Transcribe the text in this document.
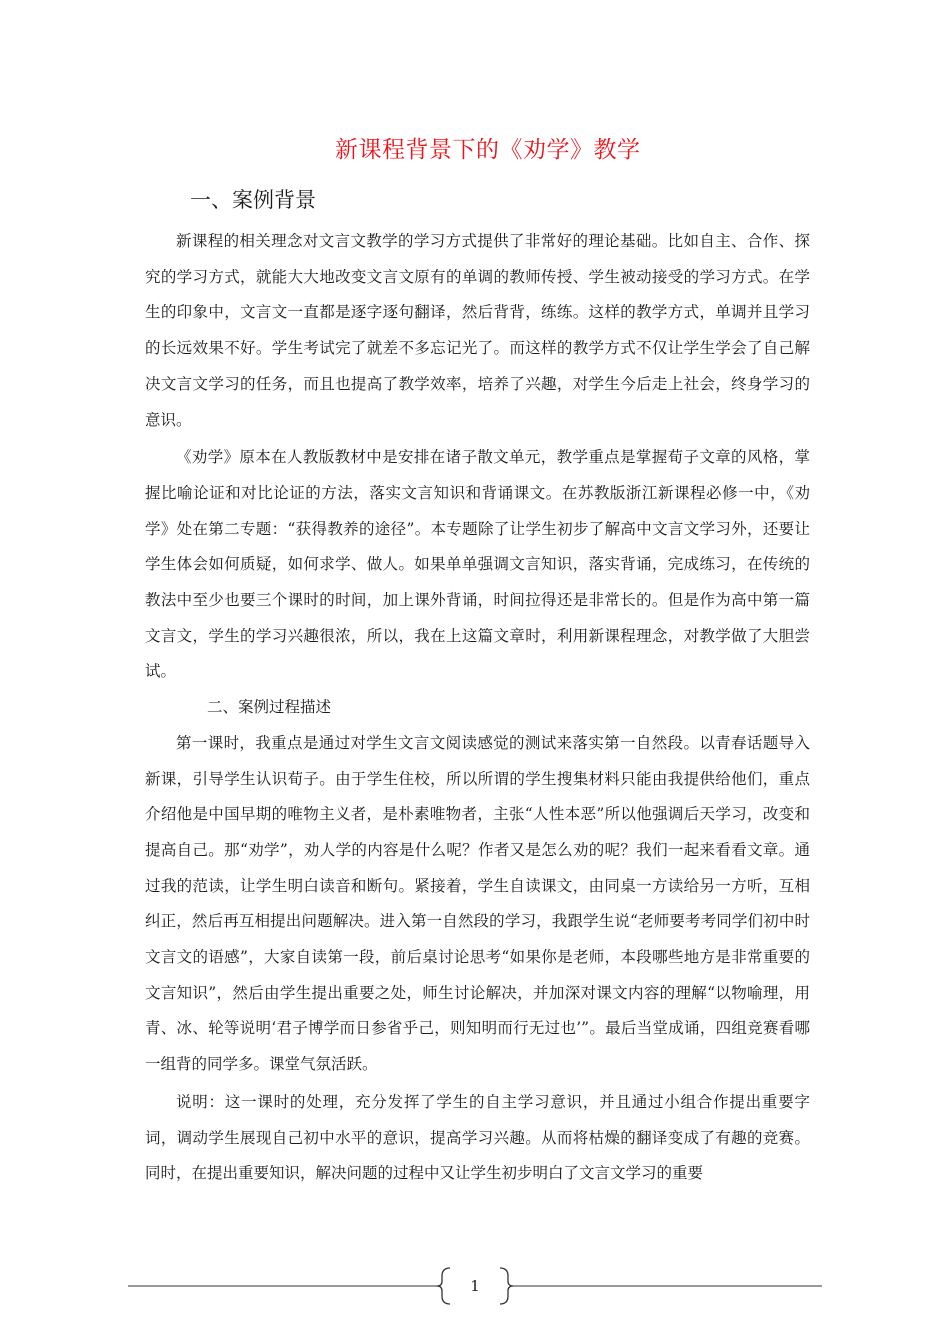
新课程背景下的《劝学》教学
一、案例背景

新课程的相关理念对文言文教学的学习方式提供了非常好的理论基础。比如自主、合作、探究的学习方式，就能大大地改变文言文原有的单调的教师传授、学生被动接受的学习方式。在学生的印象中，文言文一直都是逐字逐句翻译，然后背背，练练。这样的教学方式，单调并且学习的长远效果不好。学生考试完了就差不多忘记光了。而这样的教学方式不仅让学生学会了自己解决文言文学习的任务，而且也提高了教学效率，培养了兴趣，对学生今后走上社会，终身学习的意识。

《劝学》原本在人教版教材中是安排在诸子散文单元，教学重点是掌握荀子文章的风格，掌握比喻论证和对比论证的方法，落实文言知识和背诵课文。在苏教版浙江新课程必修一中，《劝学》处在第二专题：“获得教养的途径”。本专题除了让学生初步了解高中文言文学习外，还要让学生体会如何质疑，如何求学、做人。如果单单强调文言知识，落实背诵，完成练习，在传统的教法中至少也要三个课时的时间，加上课外背诵，时间拉得还是非常长的。但是作为高中第一篇文言文，学生的学习兴趣很浓，所以，我在上这篇文章时，利用新课程理念，对教学做了大胆尝试。

二、案例过程描述

第一课时，我重点是通过对学生文言文阅读感觉的测试来落实第一自然段。以青春话题导入新课，引导学生认识荀子。由于学生住校，所以所谓的学生搜集材料只能由我提供给他们，重点介绍他是中国早期的唯物主义者，是朴素唯物者，主张“人性本恶”所以他强调后天学习，改变和提高自己。那“劝学”，劝人学的内容是什么呢？作者又是怎么劝的呢？我们一起来看看文章。通过我的范读，让学生明白读音和断句。紧接着，学生自读课文，由同桌一方读给另一方听，互相纠正，然后再互相提出问题解决。进入第一自然段的学习，我跟学生说“老师要考考同学们初中时文言文的语感”，大家自读第一段，前后桌讨论思考“如果你是老师，本段哪些地方是非常重要的文言知识”，然后由学生提出重要之处，师生讨论解决，并加深对课文内容的理解“以物喻理，用青、冰、轮等说明‘君子博学而日参省乎己，则知明而行无过也’”。最后当堂成诵，四组竞赛看哪一组背的同学多。课堂气氛活跃。

说明：这一课时的处理，充分发挥了学生的自主学习意识，并且通过小组合作提出重要字词，调动学生展现自己初中水平的意识，提高学习兴趣。从而将枯燥的翻译变成了有趣的竞赛。同时，在提出重要知识，解决问题的过程中又让学生初步明白了文言文学习的重要

1
